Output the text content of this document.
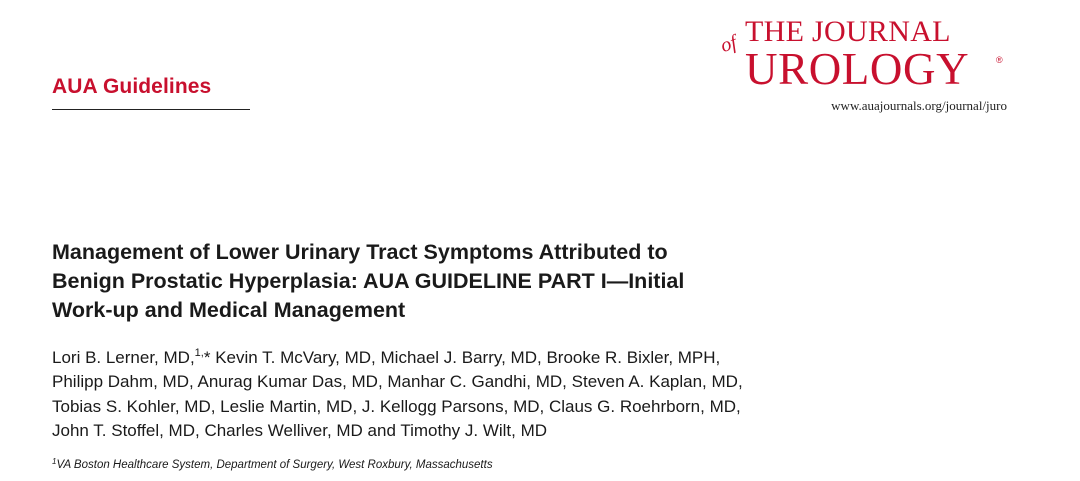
AUA Guidelines
of THE JOURNAL
UROLOGY	®
www.auajournals.org/journal/juro
Management of Lower Urinary Tract Symptoms Attributed to
Benign Prostatic Hyperplasia: AUA GUIDELINE PART I—Initial
Work-up and Medical Management
Lori B. Lerner, MD,$^{1,}$* Kevin T. McVary, MD, Michael J. Barry, MD, Brooke R. Bixler, MPH,
Philipp Dahm, MD, Anurag Kumar Das, MD, Manhar C. Gandhi, MD, Steven A. Kaplan, MD,
Tobias S. Kohler, MD, Leslie Martin, MD, J. Kellogg Parsons, MD, Claus G. Roehrborn, MD,
John T. Stoffel, MD, Charles Welliver, MD and Timothy J. Wilt, MD
$^1$VA Boston Healthcare System, Department of Surgery, West Roxbury, Massachusetts
